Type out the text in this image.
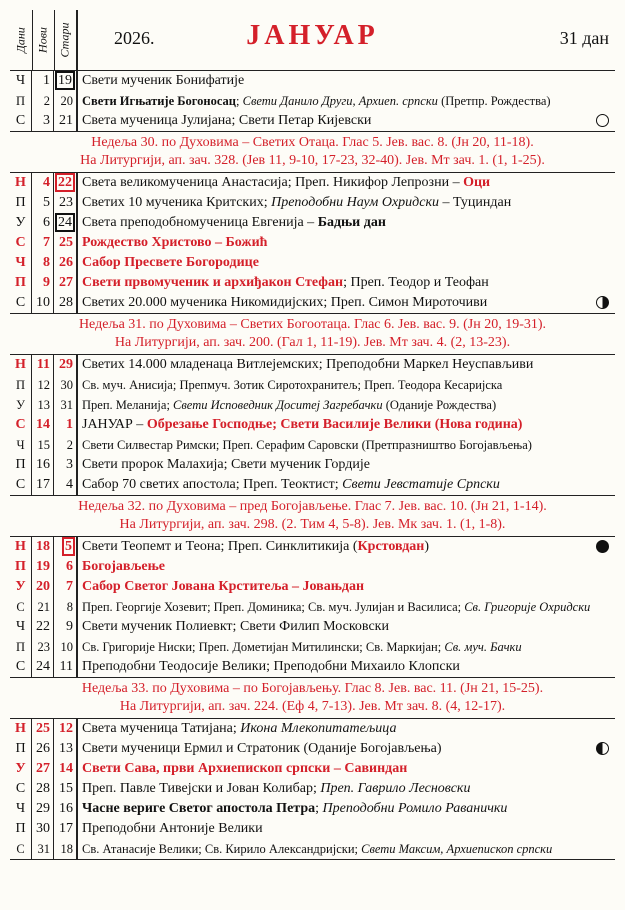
Дани Нови Стари	ЈАНУАР
2026.	31 дан
Ч	1 19 Свети мученик Бонифатије
П	2 20 Свети Игњатије Богоносац; Свети Данило Други, Архиеп. српски (Претпр. Рождества)
С	3 21 Света мученица Јулијана; Свети Петар Кијевски
Недеља 30. по Духовима – Светих Отаца. Глас 5. Јев. вас. 8. (Јн 20, 11-18).
На Литургији, ап. зач. 328. (Јев 11, 9-10, 17-23, 32-40). Јев. Мт зач. 1. (1, 1-25).
Н	4 22 Света великомученица Анастасија; Преп. Никифор Лепрозни – Оци
П	5 23 Светих 10 мученика Критских; Преподобни Наум Охридски – Туциндан
У	6 24 Света преподобномученица Евгенија – Бадњи дан
С	7 25 Рождество Христово – Божић
Ч	8 26 Сабор Пресвете Богородице
П	9 27 Свети првомученик и архиђакон Стефан; Преп. Теодор и Теофан
С 10 28 Светих 20.000 мученика Никомидијских; Преп. Симон Мироточиви
Недеља 31. по Духовима – Светих Богоотаца. Глас 6. Јев. вас. 9. (Јн 20, 19-31).
На Литургији, ап. зач. 200. (Гал 1, 11-19). Јев. Мт зач. 4. (2, 13-23).
Н 11 29 Светих 14.000 младенаца Витлејемских; Преподобни Маркел Неуспављиви
П 12 30 Св. муч. Анисија; Препмуч. Зотик Сиротохранитељ; Преп. Теодора Кесаријска
У	13 31 Преп. Меланија; Свети Исповедник Доситеј Загребачки (Оданије Рождества)
С 14	1 ЈАНУАР – Обрезање Господње; Свети Василије Велики (Нова година)
Ч	15	2 Свети Силвестар Римски; Преп. Серафим Саровски (Претпразништво Богојављења)
П 16	3 Свети пророк Малахија; Свети мученик Гордије
С 17	4 Сабор 70 светих апостола; Преп. Теоктист; Свети Јевстатије Српски
Недеља 32. по Духовима – пред Богојављење. Глас 7. Јев. вас. 10. (Јн 21, 1-14).
На Литургији, ап. зач. 298. (2. Тим 4, 5-8). Јев. Мк зач. 1. (1, 1-8).
Н 18	5 Свети Теопемт и Теона; Преп. Синклитикија (Крстовдан)
П 19	6 Богојављење
У 20	7 Сабор Светог Јована Крститеља – Јовањдан
С	21	8 Преп. Георгије Хозевит; Преп. Доминика; Св. муч. Јулијан и Василиса; Св. Григорије Охридски
Ч 22	9 Свети мученик Полиевкт; Свети Филип Московски
П 23 10 Св. Григорије Ниски; Преп. Дометијан Митилински; Св. Маркијан; Св. муч. Бачки
С 24 11 Преподобни Теодосије Велики; Преподобни Михаило Клопски
Недеља 33. по Духовима – по Богојављењу. Глас 8. Јев. вас. 11. (Јн 21, 15-25).
На Литургији, ап. зач. 224. (Еф 4, 7-13). Јев. Мт зач. 8. (4, 12-17).
Н 25 12 Света мученица Татијана; Икона Млекопитатељица
П 26 13 Свети мученици Ермил и Стратоник (Оданије Богојављења)
У 27 14 Свети Сава, први Архиепископ српски – Савиндан
С 28 15 Преп. Павле Тивејски и Јован Колибар; Преп. Гаврило Лесновски
Ч 29 16 Часне вериге Светог апостола Петра; Преподобни Ромило Раванички
П 30 17 Преподобни Антоније Велики
С	31 18 Св. Атанасије Велики; Св. Кирило Александријски; Свети Максим, Архиепископ српски
